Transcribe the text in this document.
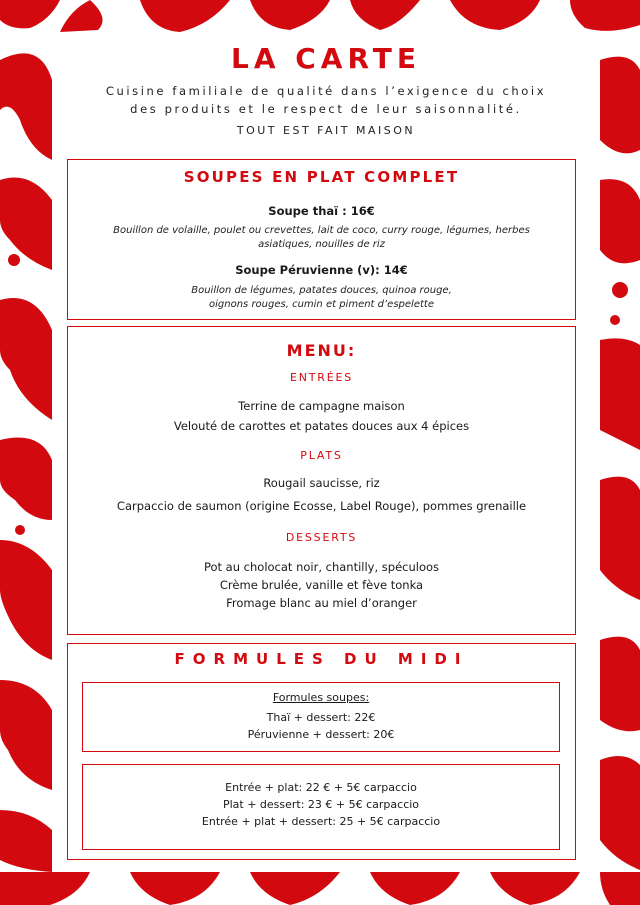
LA CARTE
Cuisine familiale de qualité dans l’exigence du choix
des produits et le respect de leur saisonnalité.
TOUT EST FAIT MAISON
SOUPES EN PLAT COMPLET
Soupe thaï : 16€
Bouillon de volaille, poulet ou crevettes, lait de coco, curry rouge, légumes, herbes
asiatiques, nouilles de riz
Soupe Péruvienne (v): 14€
Bouillon de légumes, patates douces, quinoa rouge,
oignons rouges, cumin et piment d’espelette
MENU:
ENTRÉES
Terrine de campagne maison
Velouté de carottes et patates douces aux 4 épices
PLATS
Rougail saucisse, riz
Carpaccio de saumon (origine Ecosse, Label Rouge), pommes grenaille
DESSERTS
Pot au cholocat noir, chantilly, spéculoos
Crème brulée, vanille et fève tonka
Fromage blanc au miel d’oranger
FORMULES DU MIDI
Formules soupes:
Thaï + dessert: 22€
Péruvienne + dessert: 20€
Entrée + plat: 22 € + 5€ carpaccio
Plat + dessert: 23 € + 5€ carpaccio
Entrée + plat + dessert: 25 + 5€ carpaccio
